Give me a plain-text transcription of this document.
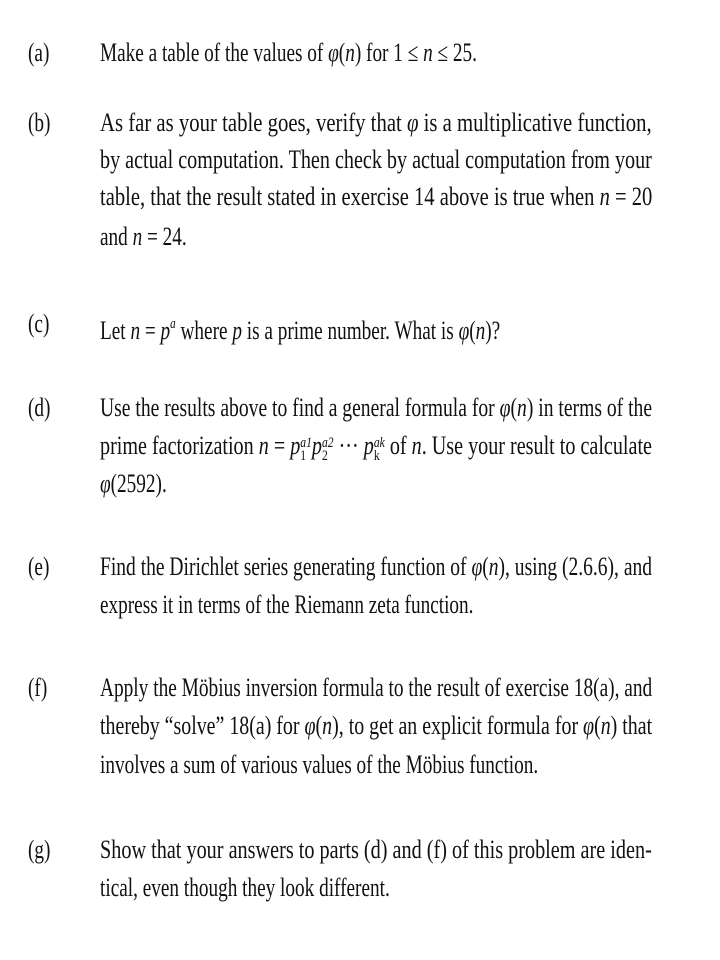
(a) Make a table of the values of φ(n) for 1 ≤ n ≤ 25.
(b) As far as your table goes, verify that φ is a multiplicative function,
by actual computation. Then check by actual computation from your
table, that the result stated in exercise 14 above is true when n = 20
and n = 24.
(c) Let $n = p^a$ where p is a prime number. What is φ(n)?
(d) Use the results above to find a general formula for φ(n) in terms of the
prime factorization n = p a1
1 p a2
2 ··· p ak
k of n. Use your result to calculate
φ(2592).
(e) Find the Dirichlet series generating function of φ(n), using (2.6.6), and
express it in terms of the Riemann zeta function.
(f) Apply the Möbius inversion formula to the result of exercise 18(a), and
thereby “solve” 18(a) for φ(n), to get an explicit formula for φ(n) that
involves a sum of various values of the Möbius function.
(g) Show that your answers to parts (d) and (f) of this problem are iden-
tical, even though they look different.
